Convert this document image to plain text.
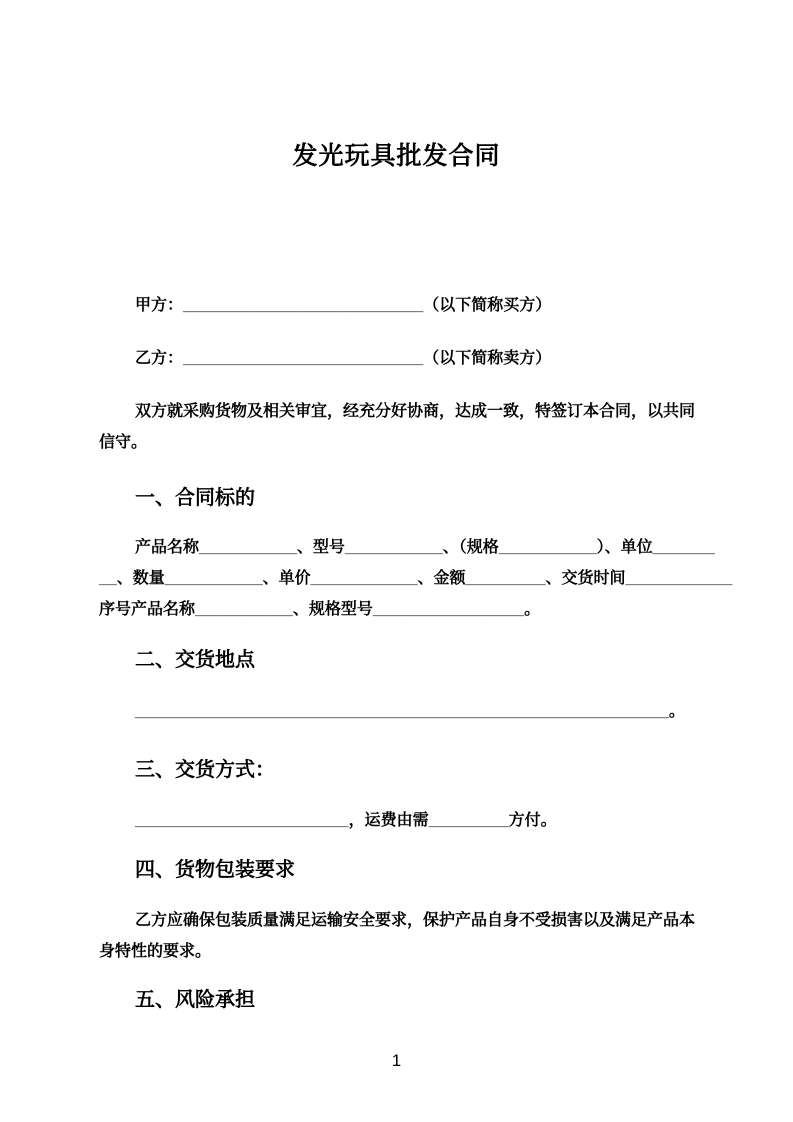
发光玩具批发合同

甲方：___________________________（以下简称买方）

乙方：___________________________（以下简称卖方）

双方就采购货物及相关审宜，经充分好协商，达成一致，特签订本合同，以共同

信守。

一、合同标的

产品名称___________、型号___________、（规格___________）、单位_______

__、数量___________、单价____________、金额_________、交货时间____________

序号产品名称___________、规格型号_________________。

二、交货地点

____________________________________________________________。

三、交货方式：

________________________，运费由需_________方付。

四、货物包装要求

乙方应确保包装质量满足运输安全要求，保护产品自身不受损害以及满足产品本

身特性的要求。

五、风险承担

1
